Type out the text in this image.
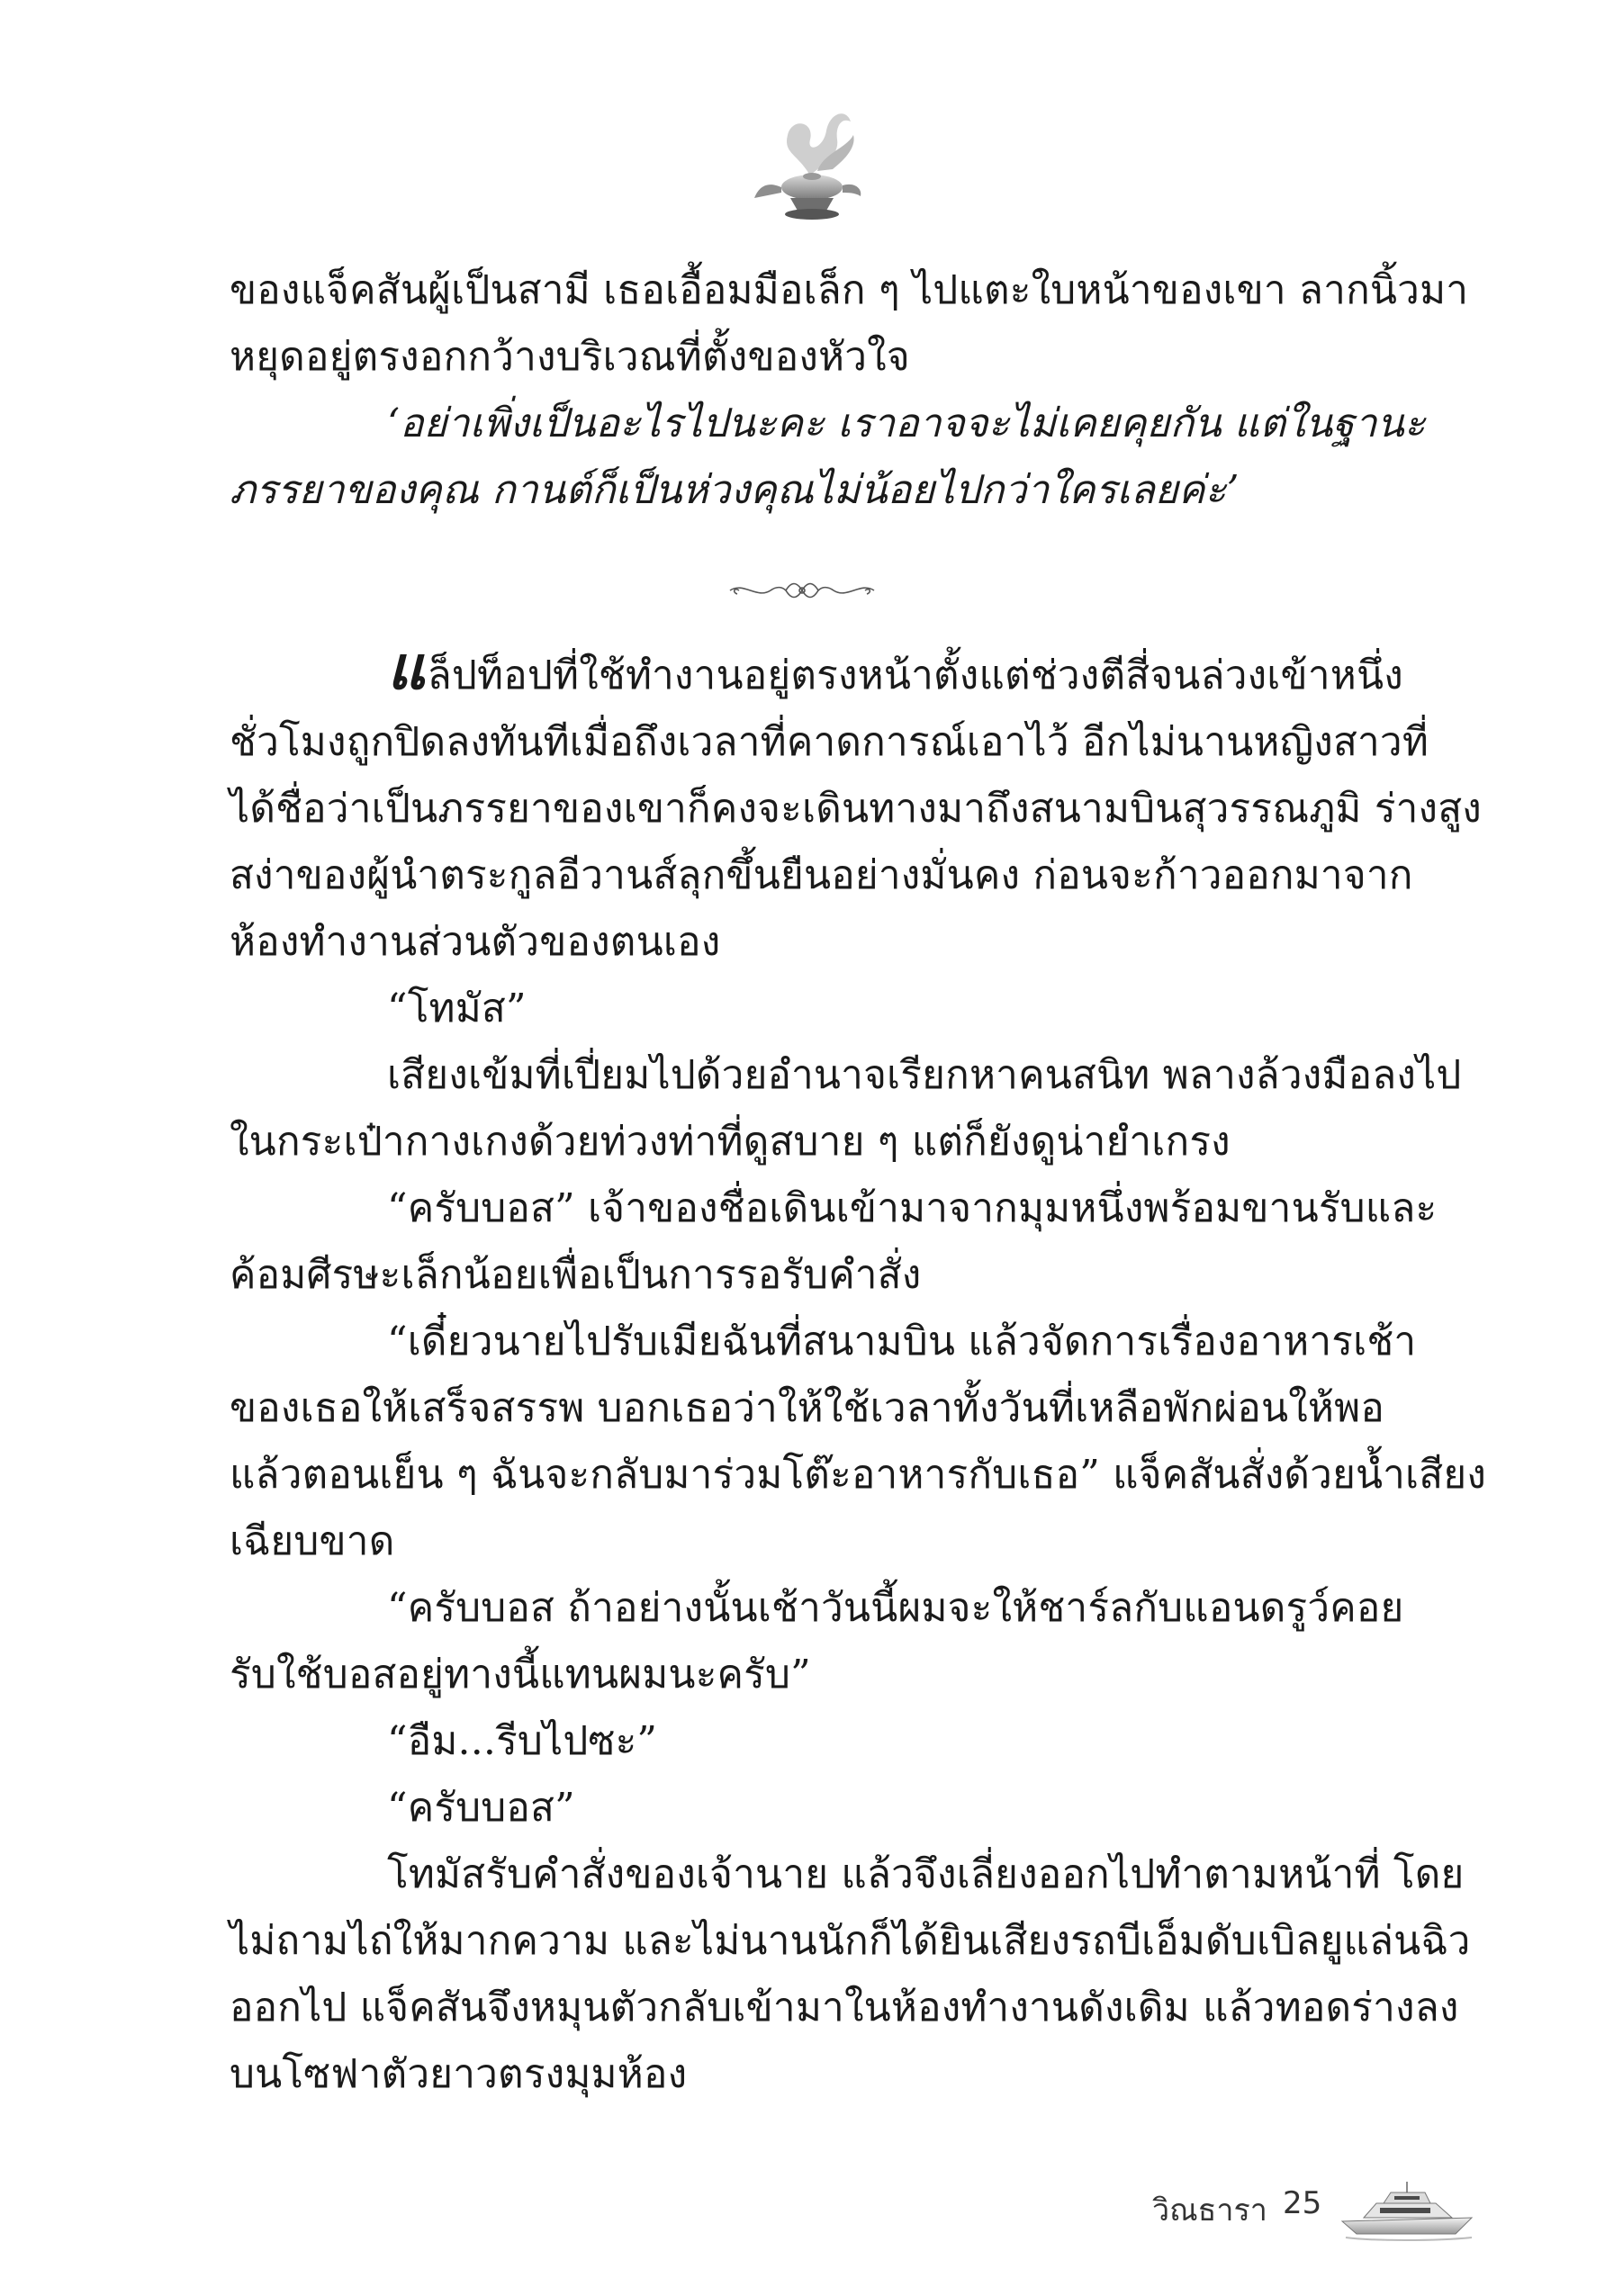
ของแจ็คสันผู้เป็นสามี เธอเอื้อมมือเล็ก ๆ ไปแตะใบหน้าของเขา ลากนิ้วมา
หยุดอยู่ตรงอกกว้างบริเวณที่ตั้งของหัวใจ
‘อย่าเพิ่งเป็นอะไรไปนะคะ เราอาจจะไม่เคยคุยกัน แต่ในฐานะ
ภรรยาของคุณ กานต์ก็เป็นห่วงคุณไม่น้อยไปกว่าใครเลยค่ะ’
แล็ปท็อปที่ใช้ทำงานอยู่ตรงหน้าตั้งแต่ช่วงตีสี่จนล่วงเข้าหนึ่ง
ชั่วโมงถูกปิดลงทันทีเมื่อถึงเวลาที่คาดการณ์เอาไว้ อีกไม่นานหญิงสาวที่
ได้ชื่อว่าเป็นภรรยาของเขาก็คงจะเดินทางมาถึงสนามบินสุวรรณภูมิ ร่างสูง
สง่าของผู้นำตระกูลอีวานส์ลุกขึ้นยืนอย่างมั่นคง ก่อนจะก้าวออกมาจาก
ห้องทำงานส่วนตัวของตนเอง
“โทมัส”
เสียงเข้มที่เปี่ยมไปด้วยอำนาจเรียกหาคนสนิท พลางล้วงมือลงไป
ในกระเป๋ากางเกงด้วยท่วงท่าที่ดูสบาย ๆ แต่ก็ยังดูน่ายำเกรง
“ครับบอส” เจ้าของชื่อเดินเข้ามาจากมุมหนึ่งพร้อมขานรับและ
ค้อมศีรษะเล็กน้อยเพื่อเป็นการรอรับคำสั่ง
“เดี๋ยวนายไปรับเมียฉันที่สนามบิน แล้วจัดการเรื่องอาหารเช้า
ของเธอให้เสร็จสรรพ บอกเธอว่าให้ใช้เวลาทั้งวันที่เหลือพักผ่อนให้พอ
แล้วตอนเย็น ๆ ฉันจะกลับมาร่วมโต๊ะอาหารกับเธอ” แจ็คสันสั่งด้วยน้ำเสียง
เฉียบขาด
“ครับบอส ถ้าอย่างนั้นเช้าวันนี้ผมจะให้ชาร์ลกับแอนดรูว์คอย
รับใช้บอสอยู่ทางนี้แทนผมนะครับ”
“อืม...รีบไปซะ”
“ครับบอส”
โทมัสรับคำสั่งของเจ้านาย แล้วจึงเลี่ยงออกไปทำตามหน้าที่ โดย
ไม่ถามไถ่ให้มากความ และไม่นานนักก็ได้ยินเสียงรถบีเอ็มดับเบิลยูแล่นฉิว
ออกไป แจ็คสันจึงหมุนตัวกลับเข้ามาในห้องทำงานดังเดิม แล้วทอดร่างลง
บนโซฟาตัวยาวตรงมุมห้อง
วิณธารา 25
